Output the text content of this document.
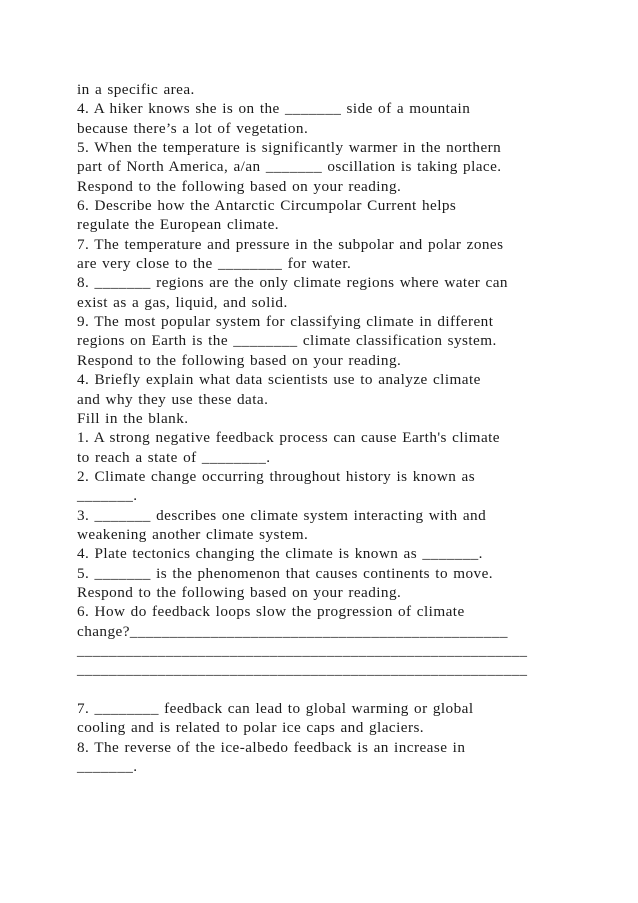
in a specific area.
4. A hiker knows she is on the _______ side of a mountain
because there’s a lot of vegetation.
5. When the temperature is significantly warmer in the northern
part of North America, a/an _______ oscillation is taking place.
Respond to the following based on your reading.
6. Describe how the Antarctic Circumpolar Current helps
regulate the European climate.
7. The temperature and pressure in the subpolar and polar zones
are very close to the ________ for water.
8. _______ regions are the only climate regions where water can
exist as a gas, liquid, and solid.
9. The most popular system for classifying climate in different
regions on Earth is the ________ climate classification system.
Respond to the following based on your reading.
4. Briefly explain what data scientists use to analyze climate
and why they use these data.
Fill in the blank.
1. A strong negative feedback process can cause Earth's climate
to reach a state of ________.
2. Climate change occurring throughout history is known as
_______.
3. _______ describes one climate system interacting with and
weakening another climate system.
4. Plate tectonics changing the climate is known as _______.
5. _______ is the phenomenon that causes continents to move.
Respond to the following based on your reading.
6. How do feedback loops slow the progression of climate
change?_______________________________________________
________________________________________________________
________________________________________________________
7. ________ feedback can lead to global warming or global
cooling and is related to polar ice caps and glaciers.
8. The reverse of the ice-albedo feedback is an increase in
_______.
